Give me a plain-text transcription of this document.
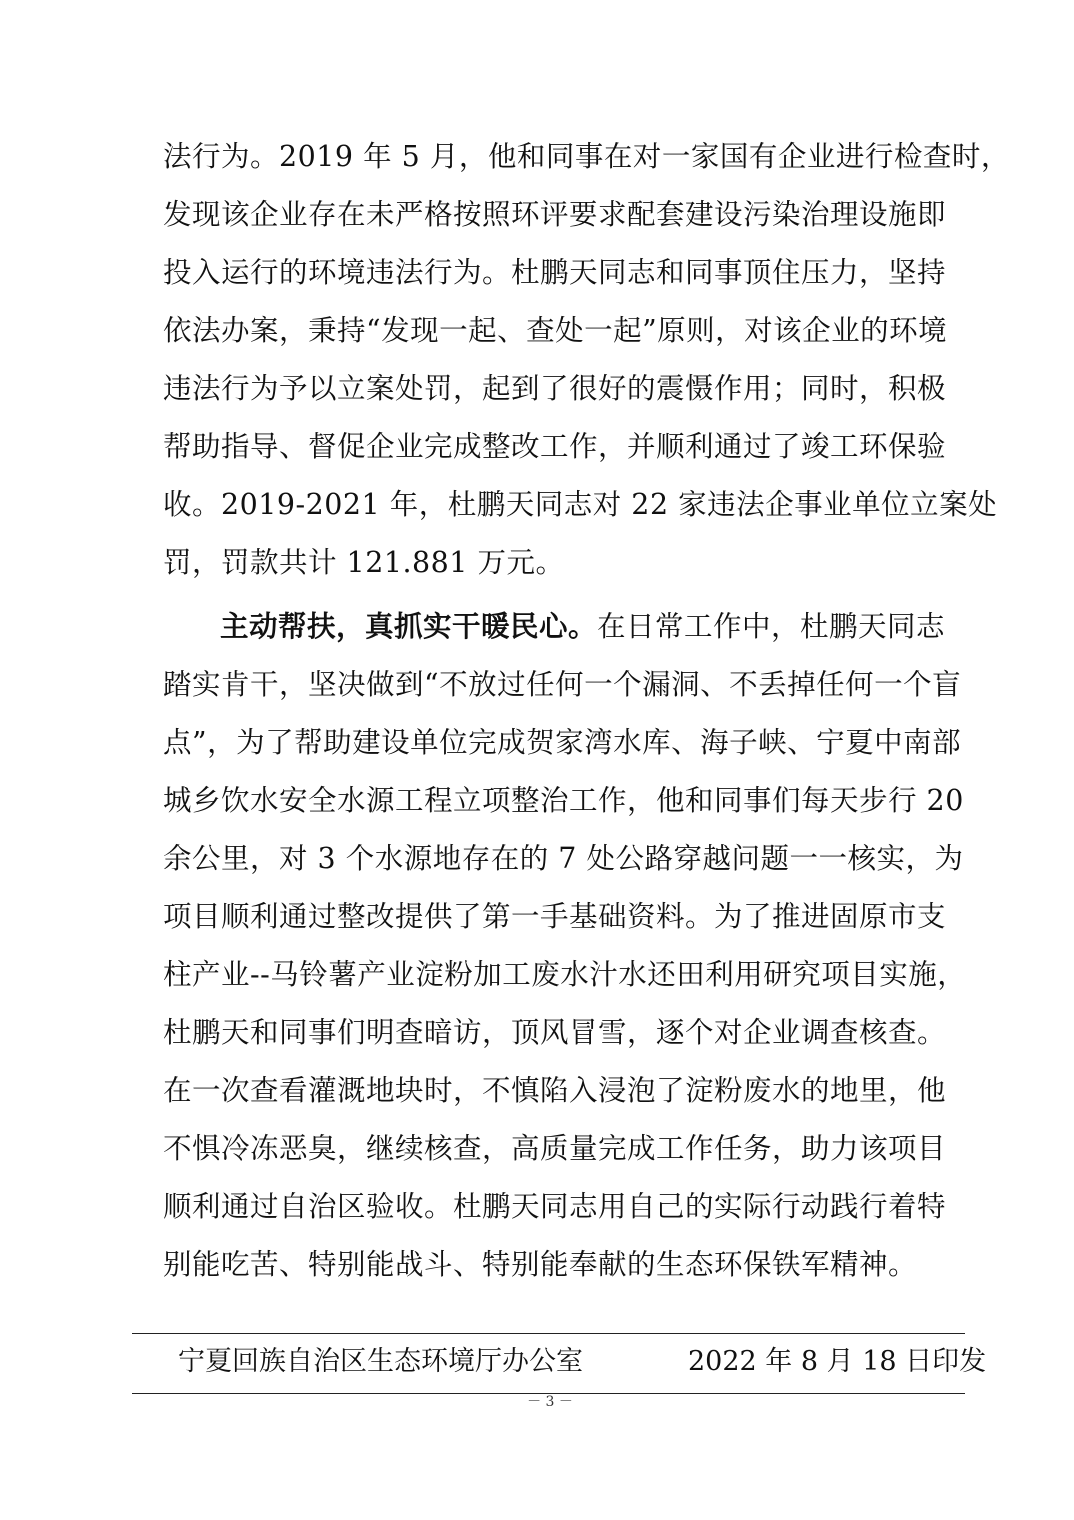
法行为。2019 年 5 月，他和同事在对一家国有企业进行检查时，
发现该企业存在未严格按照环评要求配套建设污染治理设施即
投入运行的环境违法行为。杜鹏天同志和同事顶住压力，坚持
依法办案，秉持“发现一起、查处一起”原则，对该企业的环境
违法行为予以立案处罚，起到了很好的震慑作用；同时，积极
帮助指导、督促企业完成整改工作，并顺利通过了竣工环保验
收。2019-2021 年，杜鹏天同志对 22 家违法企事业单位立案处
罚，罚款共计 121.881 万元。
主动帮扶，真抓实干暖民心。在日常工作中，杜鹏天同志
踏实肯干，坚决做到“不放过任何一个漏洞、不丢掉任何一个盲
点”，为了帮助建设单位完成贺家湾水库、海子峡、宁夏中南部
城乡饮水安全水源工程立项整治工作，他和同事们每天步行 20
余公里，对 3 个水源地存在的 7 处公路穿越问题一一核实，为
项目顺利通过整改提供了第一手基础资料。为了推进固原市支
柱产业--马铃薯产业淀粉加工废水汁水还田利用研究项目实施，
杜鹏天和同事们明查暗访，顶风冒雪，逐个对企业调查核查。
在一次查看灌溉地块时，不慎陷入浸泡了淀粉废水的地里，他
不惧冷冻恶臭，继续核查，高质量完成工作任务，助力该项目
顺利通过自治区验收。杜鹏天同志用自己的实际行动践行着特
别能吃苦、特别能战斗、特别能奉献的生态环保铁军精神。
宁夏回族自治区生态环境厅办公室	2022 年 8 月 18 日印发
－ 3 －
